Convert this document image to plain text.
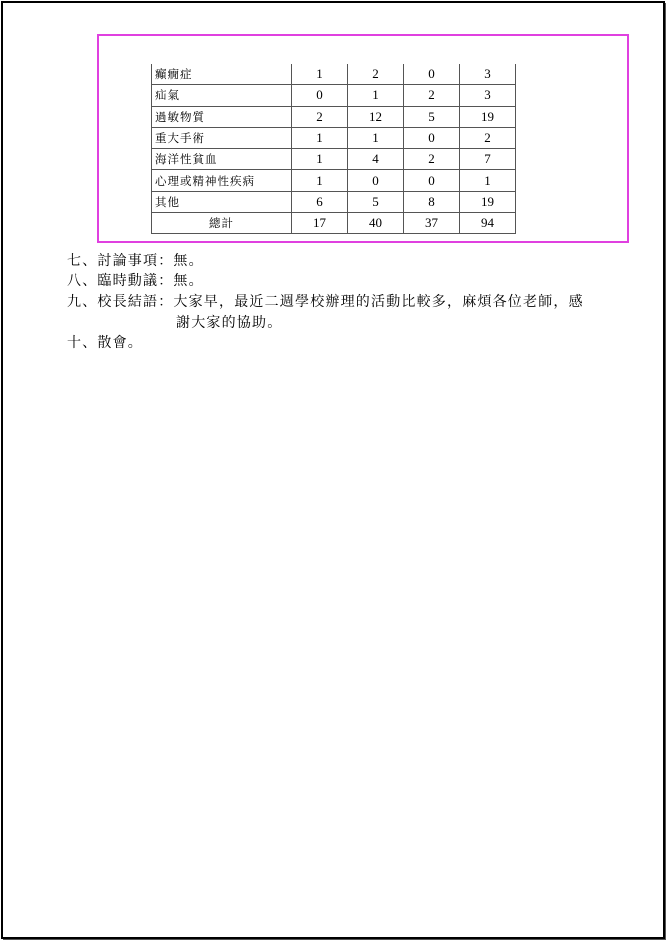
癲癇症	1	2	0	3
疝氣	0	1	2	3
過敏物質	2	12	5	19
重大手術	1	1	0	2
海洋性貧血	1	4	2	7
心理或精神性疾病	1	0	0	1
其他	6	5	8	19
總計	17	40	37	94
七、討論事項：無。
八、臨時動議：無。
九、校長結語：大家早，最近二週學校辦理的活動比較多，麻煩各位老師，感
謝大家的協助。
十、散會。
